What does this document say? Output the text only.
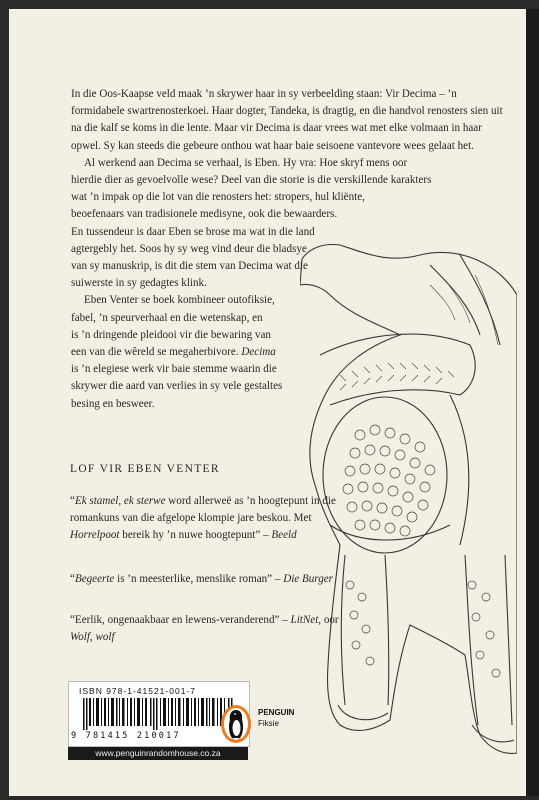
In die Oos-Kaapse veld maak ’n skrywer haar in sy verbeelding staan: Vir Decima – ’n formidabele swartrenosterkoei. Haar dogter, Tandeka, is dragtig, en die handvol renosters sien uit na die kalf se koms in die lente. Maar vir Decima is daar vrees wat met elke volmaan in haar opwel. Sy kan steeds die gebeure onthou wat haar baie seisoene vantevore wees gelaat het.

Al werkend aan Decima se verhaal, is Eben. Hy vra: Hoe skryf mens oor
hierdie dier as gevoelvolle wese? Deel van die storie is die verskillende karakters
wat ’n impak op die lot van die renosters het: stropers, hul kliënte,
beoefenaars van tradisionele medisyne, ook die bewaarders.
En tussendeur is daar Eben se brose ma wat in die land
agtergebly het. Soos hy sy weg vind deur die bladsye
van sy manuskrip, is dit die stem van Decima wat die
suiwerste in sy gedagtes klink.

Eben Venter se boek kombineer outofiksie,
fabel, ’n speurverhaal en die wetenskap, en
is ’n dringende pleidooi vir die bewaring van
een van die wêreld se megaherbivore. Decima
is ’n elegiese werk vir baie stemme waarin die
skrywer die aard van verlies in sy vele gestaltes
besing en besweer.

LOF VIR EBEN VENTER

“Ek stamel, ek sterwe word allerweë as ’n hoogtepunt in die romankuns van die afgelope klompie jare beskou. Met Horrelpoot bereik hy ’n nuwe hoogtepunt” – Beeld

“Begeerte is ’n meesterlike, menslike roman” – Die Burger

“Eerlik, ongenaakbaar en lewens-veranderend” – LitNet, oor Wolf, wolf

ISBN 978-1-41521-001-7
9 781415 210017
www.penguinrandomhouse.co.za
PENGUIN
Fiksie
